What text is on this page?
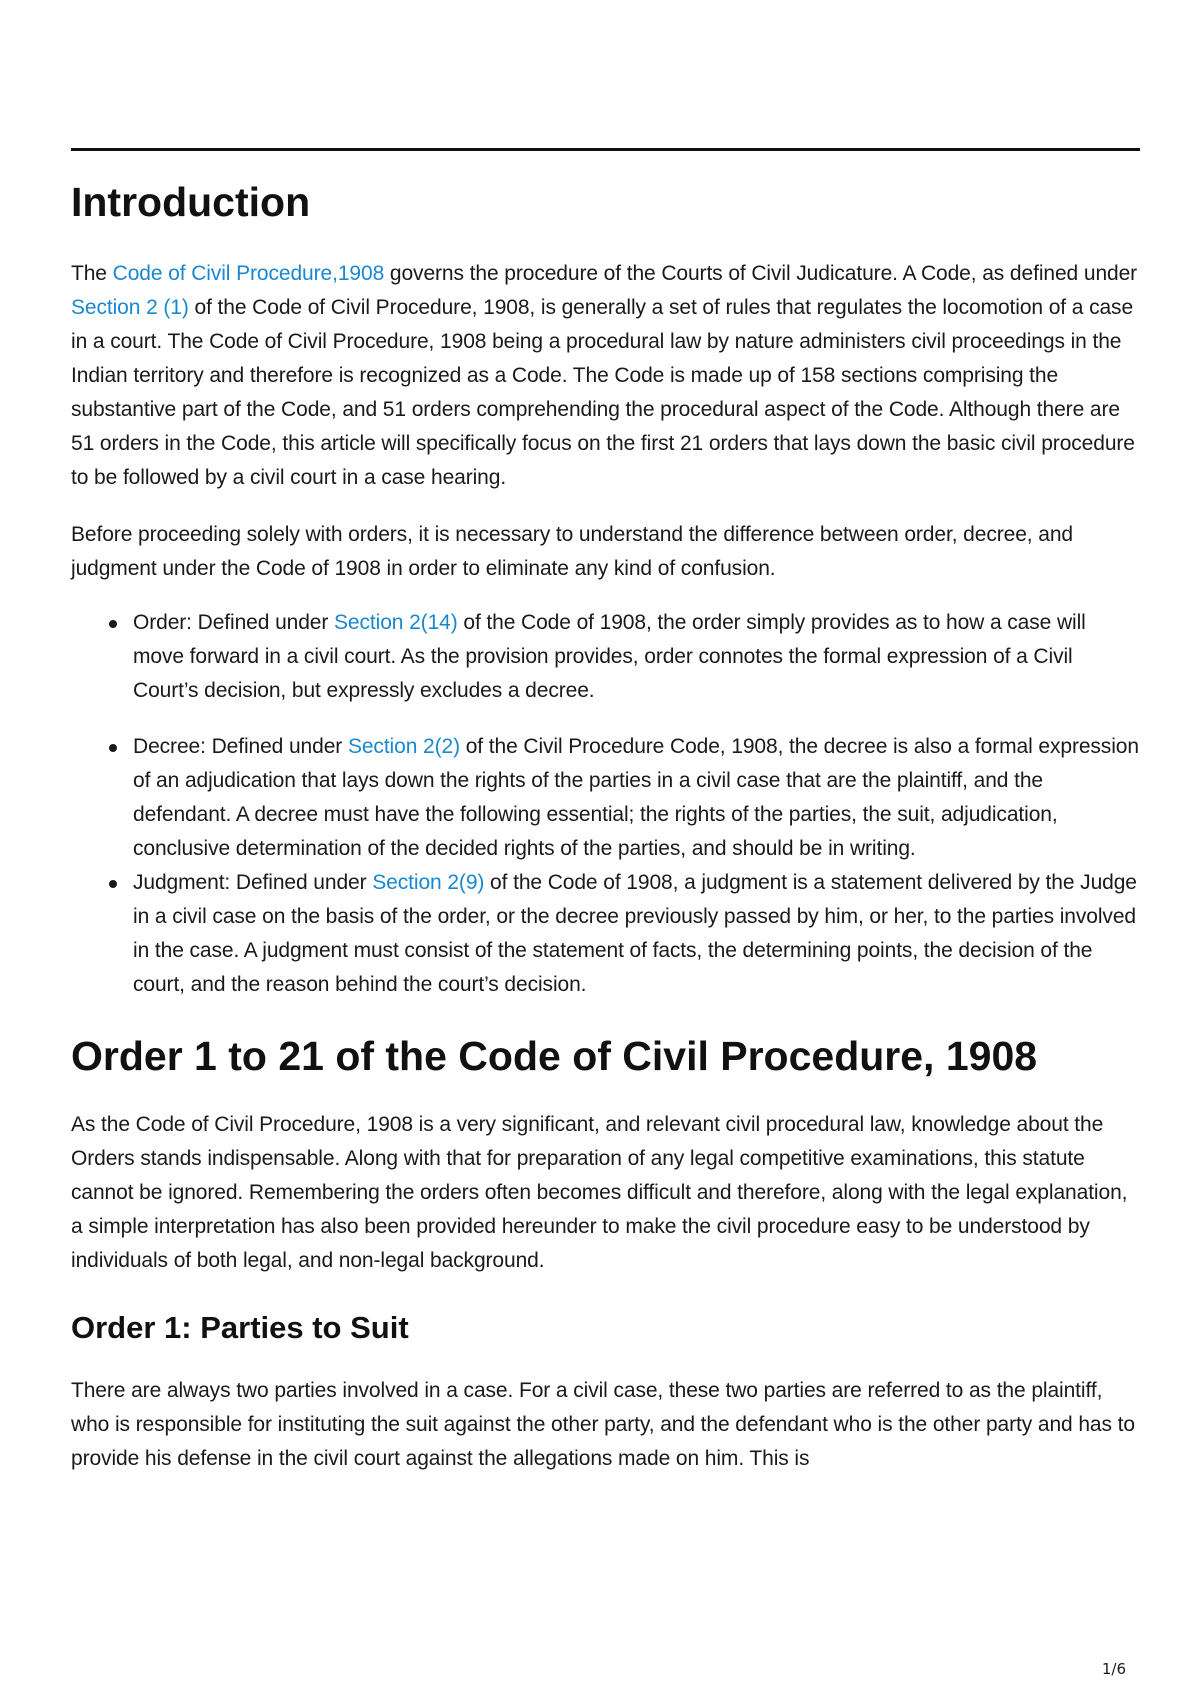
Introduction

The Code of Civil Procedure,1908 governs the procedure of the Courts of Civil Judicature. A Code, as defined under Section 2 (1) of the Code of Civil Procedure, 1908, is generally a set of rules that regulates the locomotion of a case in a court. The Code of Civil Procedure, 1908 being a procedural law by nature administers civil proceedings in the Indian territory and therefore is recognized as a Code. The Code is made up of 158 sections comprising the substantive part of the Code, and 51 orders comprehending the procedural aspect of the Code. Although there are 51 orders in the Code, this article will specifically focus on the first 21 orders that lays down the basic civil procedure to be followed by a civil court in a case hearing.

Before proceeding solely with orders, it is necessary to understand the difference between order, decree, and judgment under the Code of 1908 in order to eliminate any kind of confusion.

Order: Defined under Section 2(14) of the Code of 1908, the order simply provides as to how a case will move forward in a civil court. As the provision provides, order connotes the formal expression of a Civil Court’s decision, but expressly excludes a decree.
Decree: Defined under Section 2(2) of the Civil Procedure Code, 1908, the decree is also a formal expression of an adjudication that lays down the rights of the parties in a civil case that are the plaintiff, and the defendant. A decree must have the following essential; the rights of the parties, the suit, adjudication, conclusive determination of the decided rights of the parties, and should be in writing.
Judgment: Defined under Section 2(9) of the Code of 1908, a judgment is a statement delivered by the Judge in a civil case on the basis of the order, or the decree previously passed by him, or her, to the parties involved in the case. A judgment must consist of the statement of facts, the determining points, the decision of the court, and the reason behind the court’s decision.
Order 1 to 21 of the Code of Civil Procedure, 1908

As the Code of Civil Procedure, 1908 is a very significant, and relevant civil procedural law, knowledge about the Orders stands indispensable. Along with that for preparation of any legal competitive examinations, this statute cannot be ignored. Remembering the orders often becomes difficult and therefore, along with the legal explanation, a simple interpretation has also been provided hereunder to make the civil procedure easy to be understood by individuals of both legal, and non-legal background.

Order 1: Parties to Suit

There are always two parties involved in a case. For a civil case, these two parties are referred to as the plaintiff, who is responsible for instituting the suit against the other party, and the defendant who is the other party and has to provide his defense in the civil court against the allegations made on him. This is

1/6
